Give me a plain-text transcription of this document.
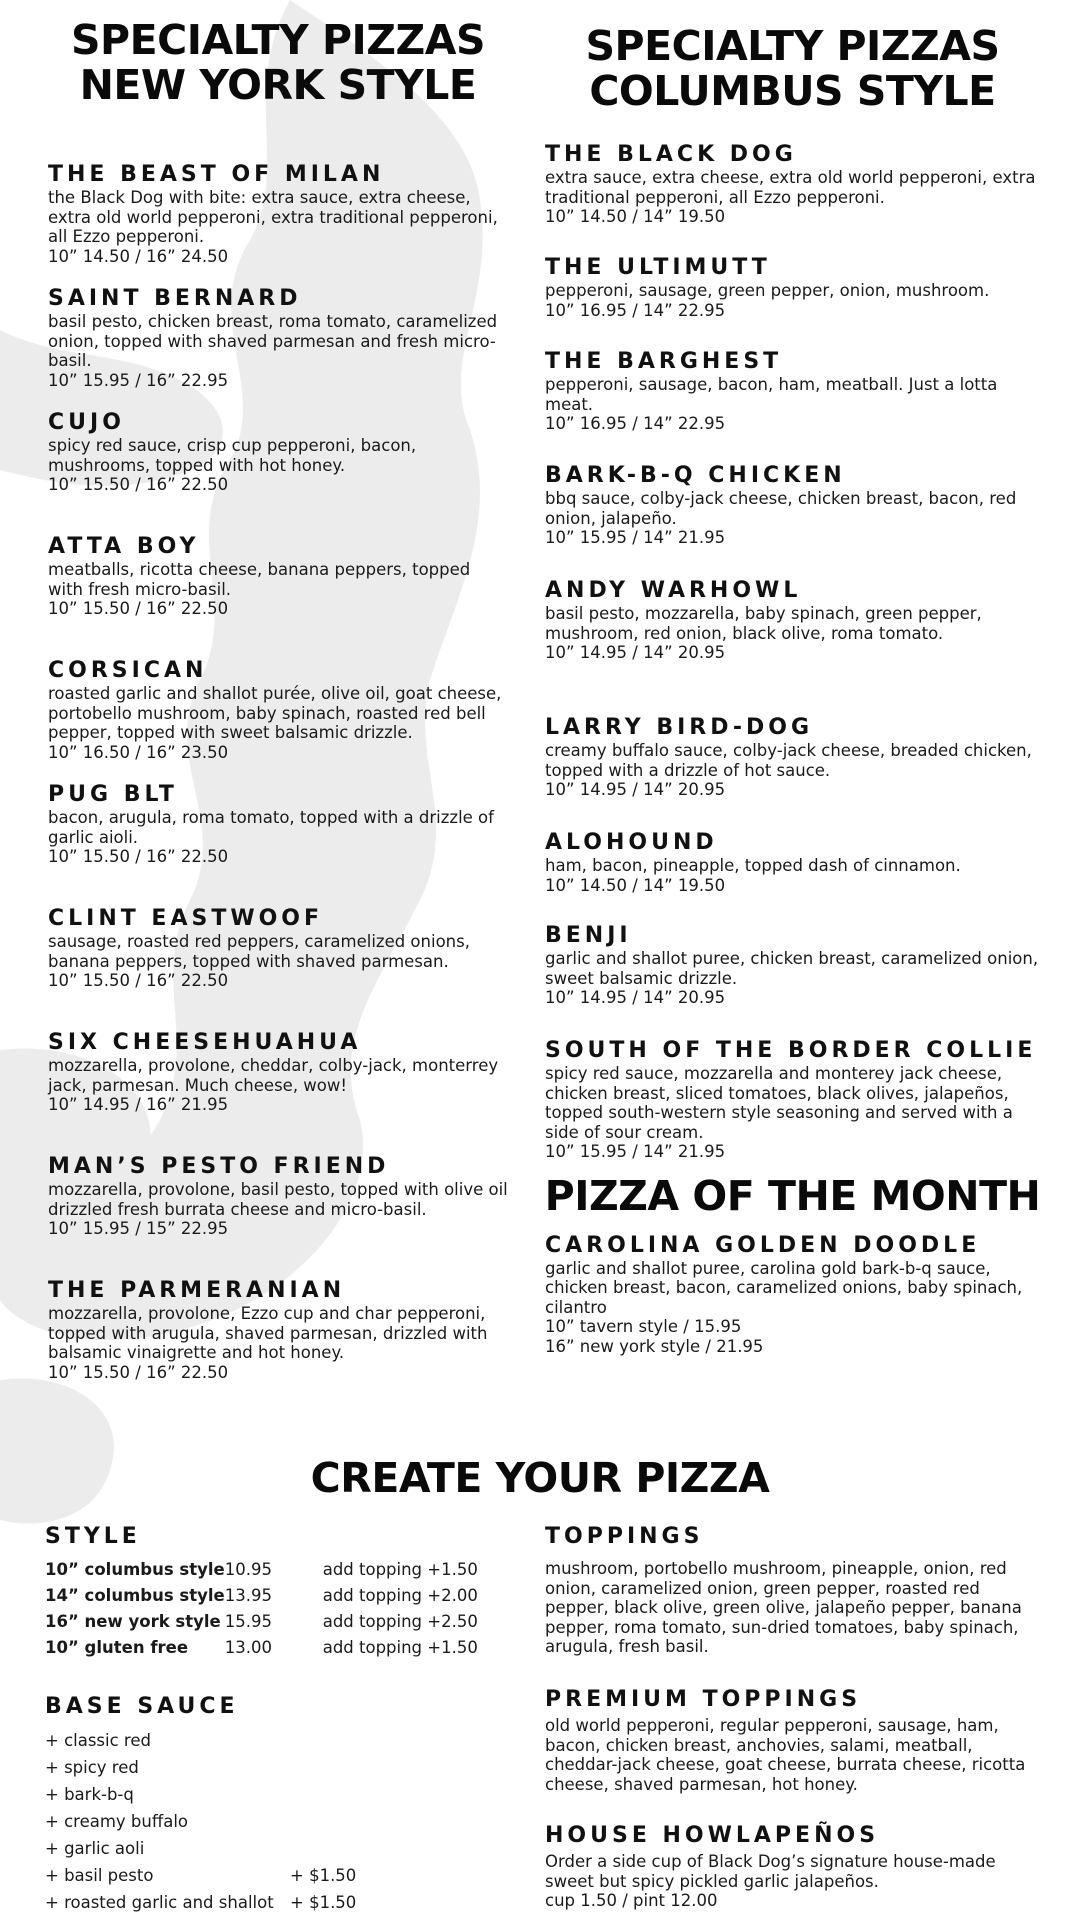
SPECIALTY PIZZAS
NEW YORK STYLE
THE BEAST OF MILAN
the Black Dog with bite: extra sauce, extra cheese, extra old world pepperoni, extra traditional pepperoni, all Ezzo pepperoni.
10” 14.50 / 16” 24.50
SAINT BERNARD
basil pesto, chicken breast, roma tomato, caramelized onion, topped with shaved parmesan and fresh micro-basil.
10” 15.95 / 16” 22.95
CUJO
spicy red sauce, crisp cup pepperoni, bacon, mushrooms, topped with hot honey.
10” 15.50 / 16” 22.50
ATTA BOY
meatballs, ricotta cheese, banana peppers, topped with fresh micro-basil.
10” 15.50 / 16” 22.50
CORSICAN
roasted garlic and shallot purée, olive oil, goat cheese, portobello mushroom, baby spinach, roasted red bell pepper, topped with sweet balsamic drizzle.
10” 16.50 / 16” 23.50
PUG BLT
bacon, arugula, roma tomato, topped with a drizzle of garlic aioli.
10” 15.50 / 16” 22.50
CLINT EASTWOOF
sausage, roasted red peppers, caramelized onions, banana peppers, topped with shaved parmesan.
10” 15.50 / 16” 22.50
SIX CHEESEHUAHUA
mozzarella, provolone, cheddar, colby-jack, monterrey jack, parmesan. Much cheese, wow!
10” 14.95 / 16” 21.95
MAN’S PESTO FRIEND
mozzarella, provolone, basil pesto, topped with olive oil drizzled fresh burrata cheese and micro-basil.
10” 15.95 / 15” 22.95
THE PARMERANIAN
mozzarella, provolone, Ezzo cup and char pepperoni, topped with arugula, shaved parmesan, drizzled with balsamic vinaigrette and hot honey.
10” 15.50 / 16” 22.50
SPECIALTY PIZZAS
COLUMBUS STYLE
THE BLACK DOG
extra sauce, extra cheese, extra old world pepperoni, extra traditional pepperoni, all Ezzo pepperoni.
10” 14.50 / 14” 19.50
THE ULTIMUTT
pepperoni, sausage, green pepper, onion, mushroom.
10” 16.95 / 14” 22.95
THE BARGHEST
pepperoni, sausage, bacon, ham, meatball. Just a lotta meat.
10” 16.95 / 14” 22.95
BARK-B-Q CHICKEN
bbq sauce, colby-jack cheese, chicken breast, bacon, red onion, jalapeño.
10” 15.95 / 14” 21.95
ANDY WARHOWL
basil pesto, mozzarella, baby spinach, green pepper, mushroom, red onion, black olive, roma tomato.
10” 14.95 / 14” 20.95
LARRY BIRD-DOG
creamy buffalo sauce, colby-jack cheese, breaded chicken, topped with a drizzle of hot sauce.
10” 14.95 / 14” 20.95
ALOHOUND
ham, bacon, pineapple, topped dash of cinnamon.
10” 14.50 / 14” 19.50
BENJI
garlic and shallot puree, chicken breast, caramelized onion, sweet balsamic drizzle.
10” 14.95 / 14” 20.95
SOUTH OF THE BORDER COLLIE
spicy red sauce, mozzarella and monterey jack cheese, chicken breast, sliced tomatoes, black olives, jalapeños, topped south-western style seasoning and served with a side of sour cream.
10” 15.95 / 14” 21.95
PIZZA OF THE MONTH
CAROLINA GOLDEN DOODLE
garlic and shallot puree, carolina gold bark-b-q sauce, chicken breast, bacon, caramelized onions, baby spinach, cilantro
10” tavern style / 15.95
16” new york style / 21.95
CREATE YOUR PIZZA
STYLE
10” columbus style	10.95	add topping +1.50
14” columbus style	13.95	add topping +2.00
16” new york style	15.95	add topping +2.50
10” gluten free	13.00	add topping +1.50
BASE SAUCE
+ classic red
+ spicy red
+ bark-b-q
+ creamy buffalo
+ garlic aoli
+ basil pesto	+ $1.50
+ roasted garlic and shallot + $1.50
TOPPINGS
mushroom, portobello mushroom, pineapple, onion, red onion, caramelized onion, green pepper, roasted red pepper, black olive, green olive, jalapeño pepper, banana pepper, roma tomato, sun-dried tomatoes, baby spinach, arugula, fresh basil.
PREMIUM TOPPINGS
old world pepperoni, regular pepperoni, sausage, ham, bacon, chicken breast, anchovies, salami, meatball, cheddar-jack cheese, goat cheese, burrata cheese, ricotta cheese, shaved parmesan, hot honey.
HOUSE HOWLAPEÑOS
Order a side cup of Black Dog’s signature house-made sweet but spicy pickled garlic jalapeños.
cup 1.50 / pint 12.00
